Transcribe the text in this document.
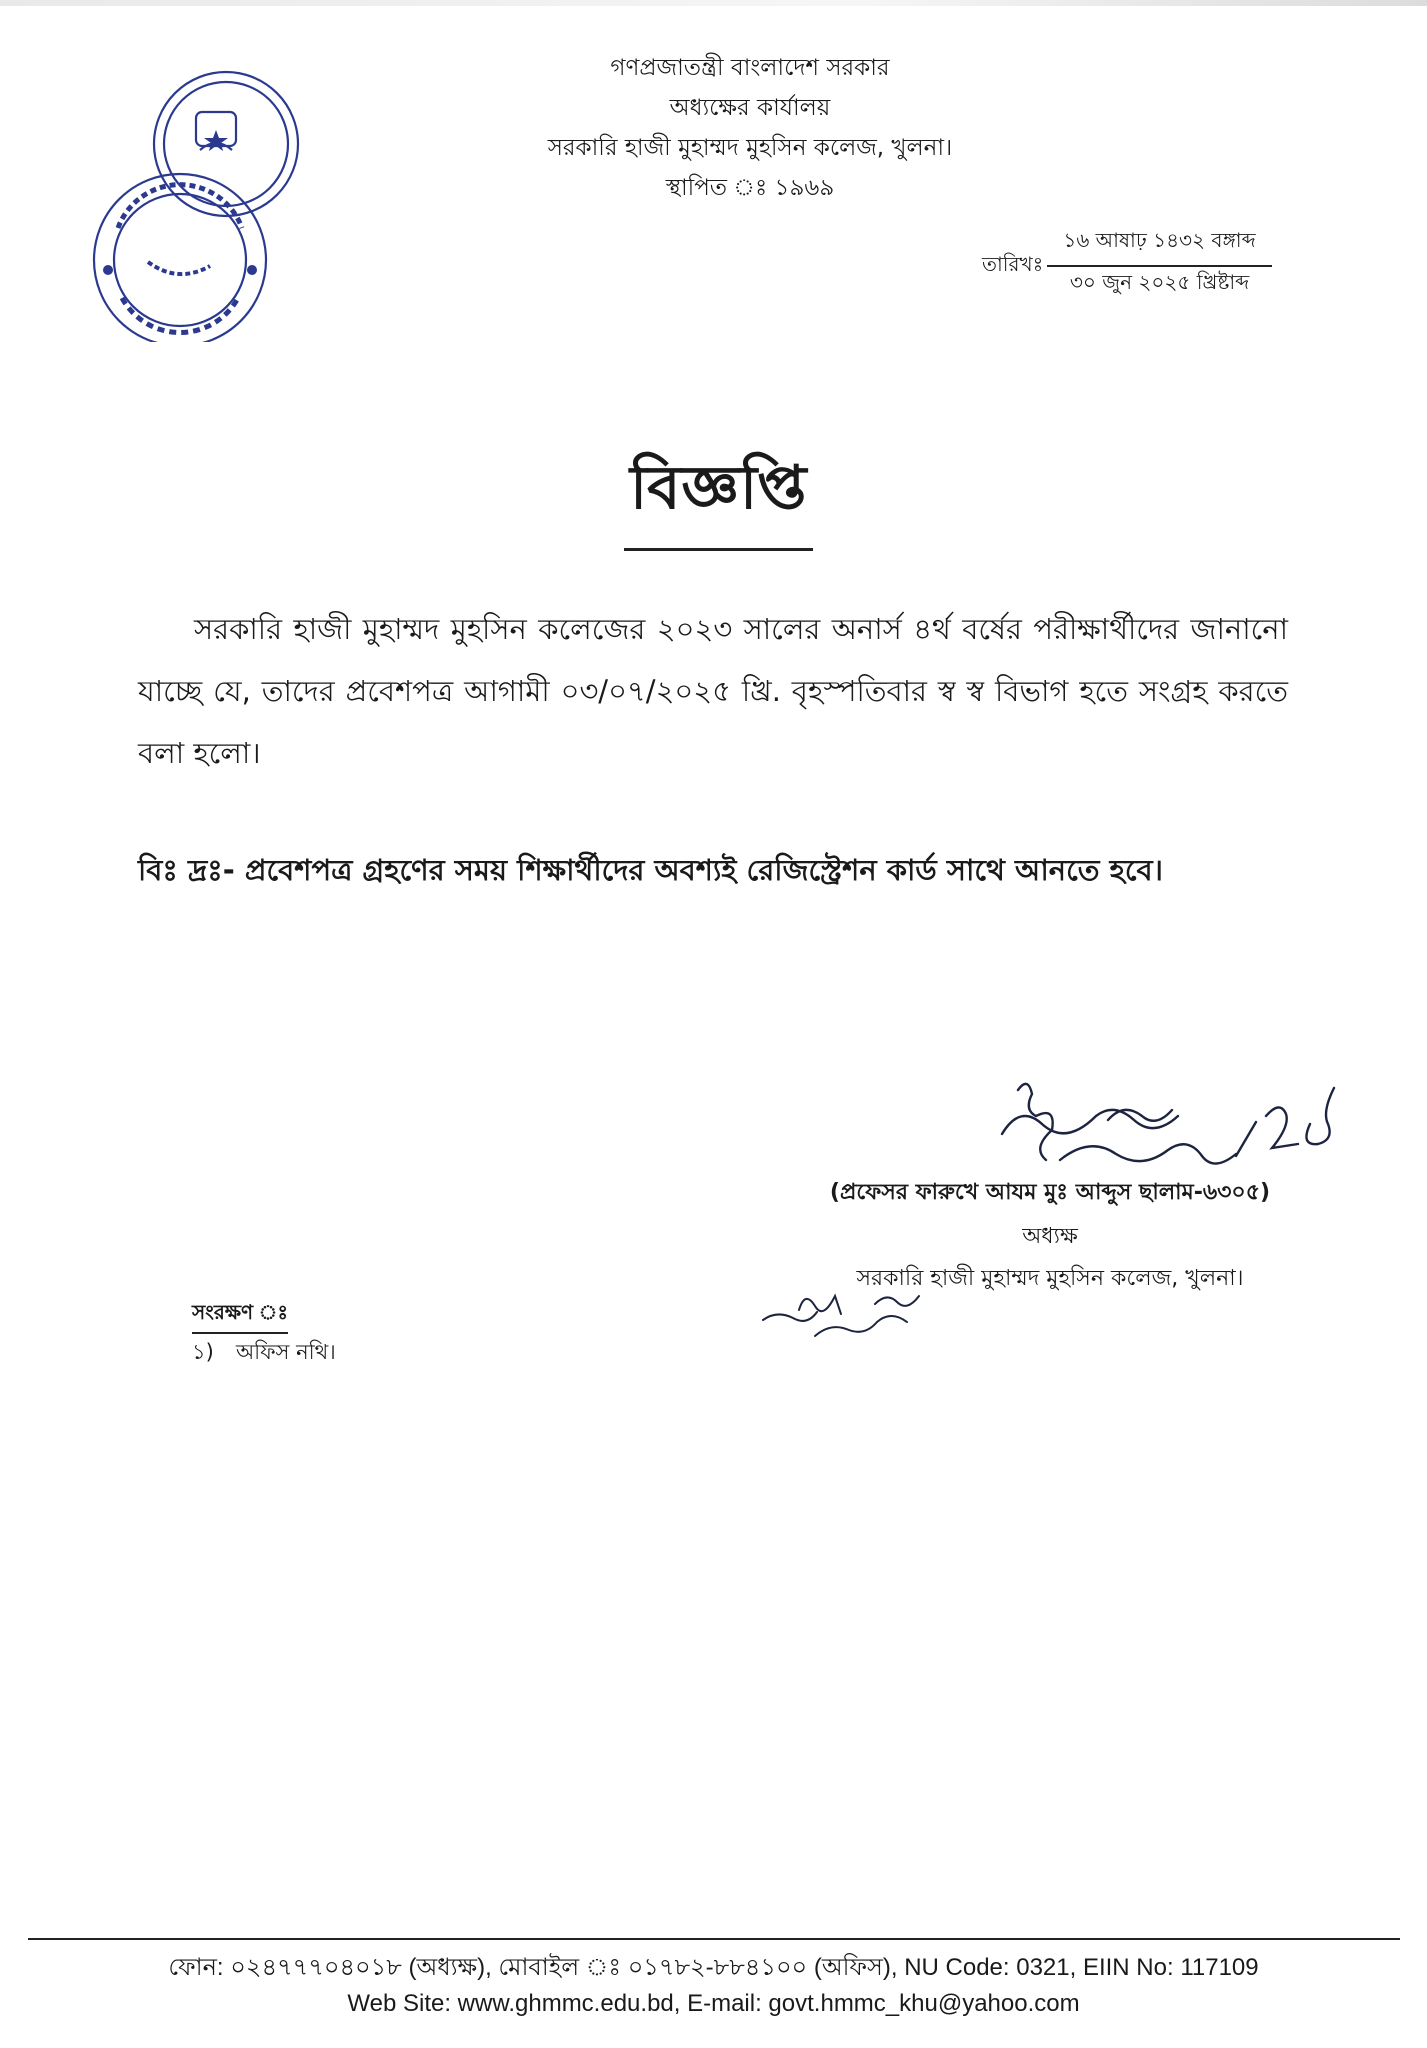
গণপ্রজাতন্ত্রী বাংলাদেশ সরকার
অধ্যক্ষের কার্যালয়
সরকারি হাজী মুহাম্মদ মুহসিন কলেজ, খুলনা।
স্থাপিত ঃ ১৯৬৯
তারিখঃ
১৬ আষাঢ় ১৪৩২ বঙ্গাব্দ
৩০ জুন ২০২৫ খ্রিষ্টাব্দ
বিজ্ঞপ্তি
সরকারি হাজী মুহাম্মদ মুহসিন কলেজের ২০২৩ সালের অনার্স ৪র্থ বর্ষের পরীক্ষার্থীদের জানানো যাচ্ছে যে, তাদের প্রবেশপত্র আগামী ০৩/০৭/২০২৫ খ্রি. বৃহস্পতিবার স্ব স্ব বিভাগ হতে সংগ্রহ করতে বলা হলো।
বিঃ দ্রঃ- প্রবেশপত্র গ্রহণের সময় শিক্ষার্থীদের অবশ্যই রেজিস্ট্রেশন কার্ড সাথে আনতে হবে।
(প্রফেসর ফারুখে আযম মুঃ আব্দুস ছালাম-৬৩০৫)
অধ্যক্ষ
সরকারি হাজী মুহাম্মদ মুহসিন কলেজ, খুলনা।
সংরক্ষণ ঃ
১) অফিস নথি।
ফোন: ০২৪৭৭৭০৪০১৮ (অধ্যক্ষ), মোবাইল ঃ ০১৭৮২-৮৮৪১০০ (অফিস), NU Code: 0321, EIIN No: 117109
Web Site: www.ghmmc.edu.bd, E-mail: govt.hmmc_khu@yahoo.com
